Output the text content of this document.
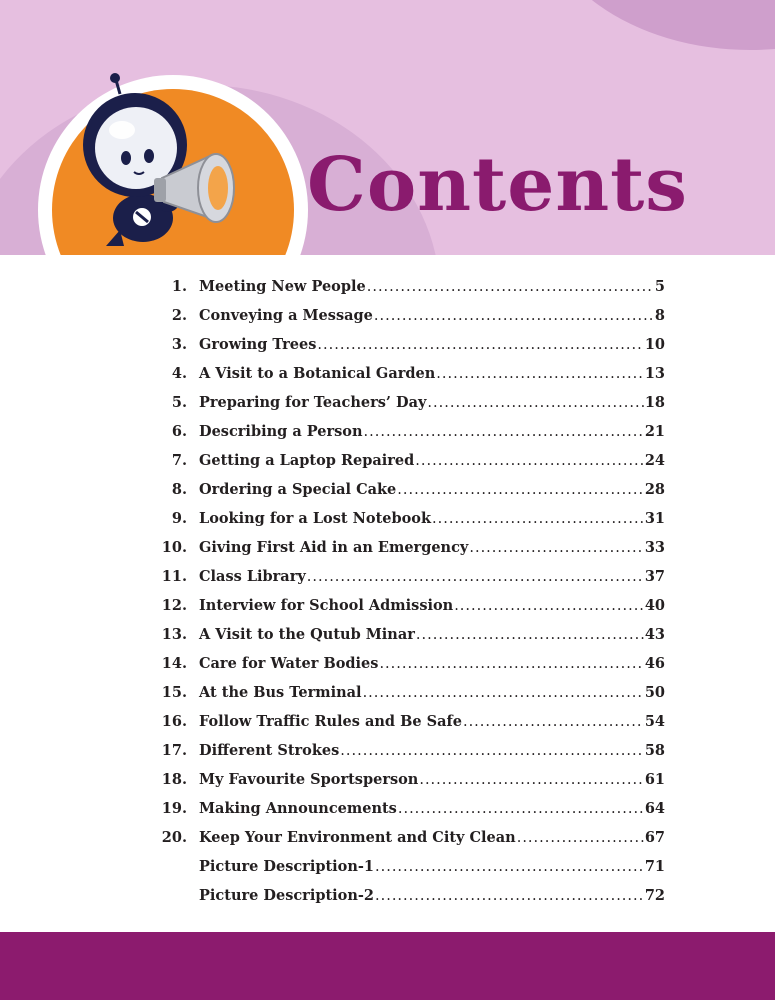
Contents
1. Meeting New People .....	5
2. Conveying a Message .....	8
3. Growing Trees .....	10
4. A Visit to a Botanical Garden .....	13
5. Preparing for Teachers’ Day .....	18
6. Describing a Person .....	21
7. Getting a Laptop Repaired .....	24
8. Ordering a Special Cake .....	28
9. Looking for a Lost Notebook .....	31
10. Giving First Aid in an Emergency .....	33
11. Class Library .....	37
12. Interview for School Admission .....	40
13. A Visit to the Qutub Minar .....	43
14. Care for Water Bodies .....	46
15. At the Bus Terminal .....	50
16. Follow Traffic Rules and Be Safe .....	54
17. Different Strokes .....	58
18. My Favourite Sportsperson .....	61
19. Making Announcements .....	64
20. Keep Your Environment and City Clean .....	67
Picture Description-1 .....	71
Picture Description-2 .....	72
